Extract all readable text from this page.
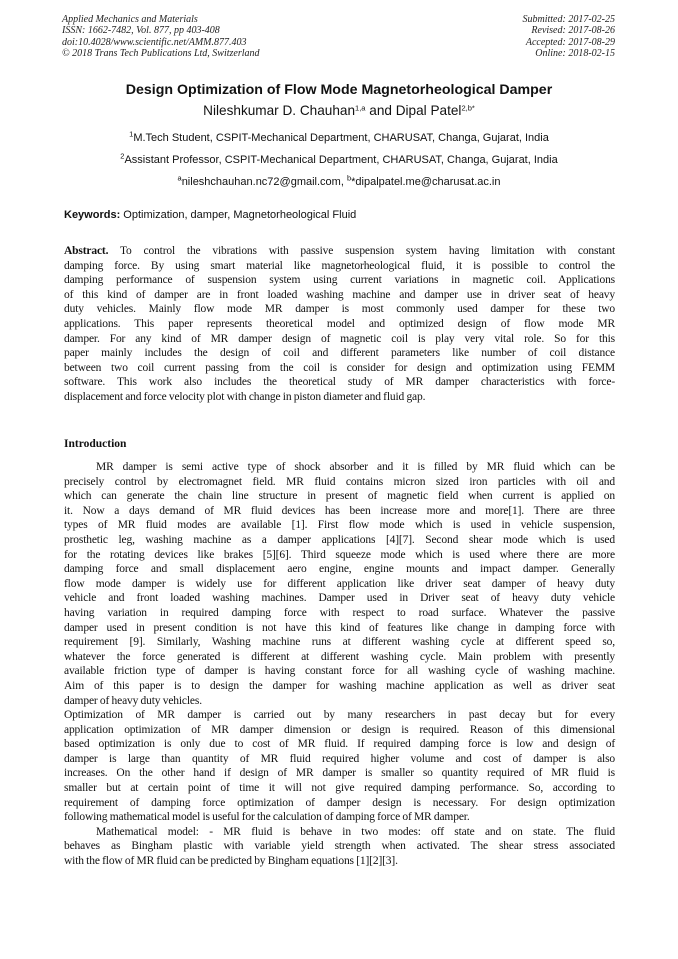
Applied Mechanics and Materials
ISSN: 1662-7482, Vol. 877, pp 403-408
doi:10.4028/www.scientific.net/AMM.877.403
© 2018 Trans Tech Publications Ltd, Switzerland
Submitted: 2017-02-25
Revised: 2017-08-26
Accepted: 2017-08-29
Online: 2018-02-15
Design Optimization of Flow Mode Magnetorheological Damper
Nileshkumar D. Chauhan$^{1,a}$ and Dipal Patel$^{2,b*}$
$^1$M.Tech Student, CSPIT-Mechanical Department, CHARUSAT, Changa, Gujarat, India
$^2$Assistant Professor, CSPIT-Mechanical Department, CHARUSAT, Changa, Gujarat, India
$^a$nileshchauhan.nc72@gmail.com, $^b$*dipalpatel.me@charusat.ac.in
Keywords: Optimization, damper, Magnetorheological Fluid
Abstract. To control the vibrations with passive suspension system having limitation with constant
damping force. By using smart material like magnetorheological fluid, it is possible to control the
damping performance of suspension system using current variations in magnetic coil. Applications
of this kind of damper are in front loaded washing machine and damper use in driver seat of heavy
duty vehicles. Mainly flow mode MR damper is most commonly used damper for these two
applications. This paper represents theoretical model and optimized design of flow mode MR
damper. For any kind of MR damper design of magnetic coil is play very vital role. So for this
paper mainly includes the design of coil and different parameters like number of coil distance
between two coil current passing from the coil is consider for design and optimization using FEMM
software. This work also includes the theoretical study of MR damper characteristics with force-
displacement and force velocity plot with change in piston diameter and fluid gap.
Introduction
MR damper is semi active type of shock absorber and it is filled by MR fluid which can be
precisely control by electromagnet field. MR fluid contains micron sized iron particles with oil and
which can generate the chain line structure in present of magnetic field when current is applied on
it. Now a days demand of MR fluid devices has been increase more and more[1]. There are three
types of MR fluid modes are available [1]. First flow mode which is used in vehicle suspension,
prosthetic leg, washing machine as a damper applications [4][7]. Second shear mode which is used
for the rotating devices like brakes [5][6]. Third squeeze mode which is used where there are more
damping force and small displacement aero engine, engine mounts and impact damper. Generally
flow mode damper is widely use for different application like driver seat damper of heavy duty
vehicle and front loaded washing machines. Damper used in Driver seat of heavy duty vehicle
having variation in required damping force with respect to road surface. Whatever the passive
damper used in present condition is not have this kind of features like change in damping force with
requirement [9]. Similarly, Washing machine runs at different washing cycle at different speed so,
whatever the force generated is different at different washing cycle. Main problem with presently
available friction type of damper is having constant force for all washing cycle of washing machine.
Aim of this paper is to design the damper for washing machine application as well as driver seat
damper of heavy duty vehicles.
Optimization of MR damper is carried out by many researchers in past decay but for every
application optimization of MR damper dimension or design is required. Reason of this dimensional
based optimization is only due to cost of MR fluid. If required damping force is low and design of
damper is large than quantity of MR fluid required higher volume and cost of damper is also
increases. On the other hand if design of MR damper is smaller so quantity required of MR fluid is
smaller but at certain point of time it will not give required damping performance. So, according to
requirement of damping force optimization of damper design is necessary. For design optimization
following mathematical model is useful for the calculation of damping force of MR damper.
Mathematical model: - MR fluid is behave in two modes: off state and on state. The fluid
behaves as Bingham plastic with variable yield strength when activated. The shear stress associated
with the flow of MR fluid can be predicted by Bingham equations [1][2][3].
